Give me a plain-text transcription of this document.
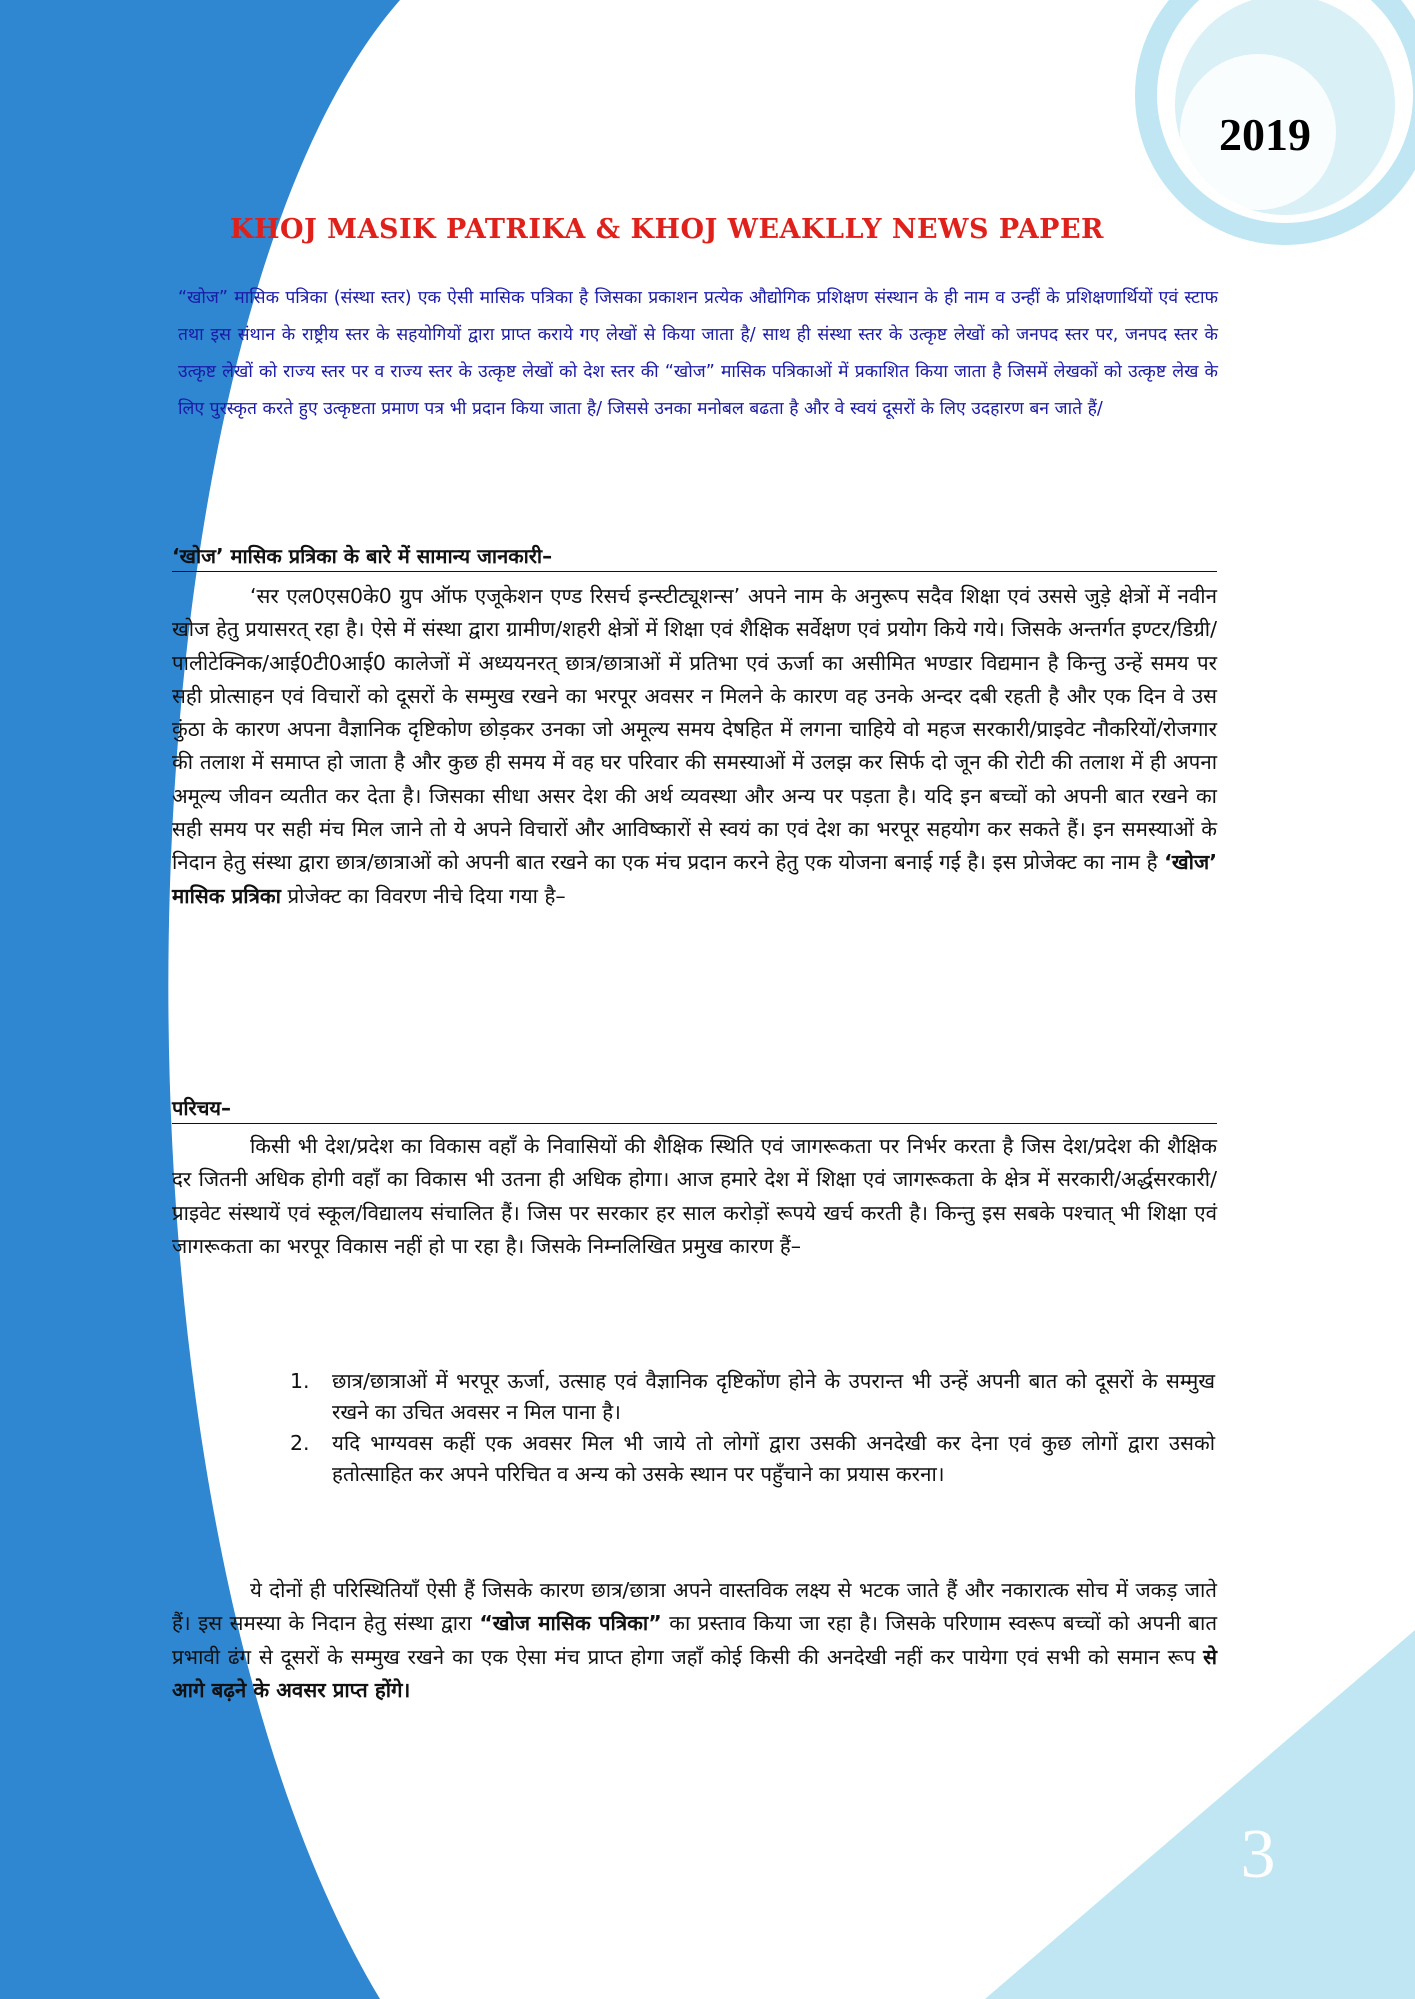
2019
KHOJ MASIK PATRIKA & KHOJ WEAKLLY NEWS PAPER
“खोज” मासिक पत्रिका (संस्था स्तर) एक ऐसी मासिक पत्रिका है जिसका प्रकाशन प्रत्येक औद्योगिक प्रशिक्षण संस्थान के ही नाम व उन्हीं के प्रशिक्षणार्थियों एवं स्टाफ तथा इस संथान के राष्ट्रीय स्तर के सहयोगियों द्वारा प्राप्त कराये गए लेखों से किया जाता है/ साथ ही संस्था स्तर के उत्कृष्ट लेखों को जनपद स्तर पर, जनपद स्तर के उत्कृष्ट लेखों को राज्य स्तर पर व राज्य स्तर के उत्कृष्ट लेखों को देश स्तर की “खोज” मासिक पत्रिकाओं में प्रकाशित किया जाता है जिसमें लेखकों को उत्कृष्ट लेख के लिए पुरस्कृत करते हुए उत्कृष्टता प्रमाण पत्र भी प्रदान किया जाता है/ जिससे उनका मनोबल बढता है और वे स्वयं दूसरों के लिए उदहारण बन जाते हैं/
‘खोज’ मासिक प्रत्रिका के बारे में सामान्य जानकारी–
‘सर एल0एस0के0 ग्रुप ऑफ एजूकेशन एण्ड रिसर्च इन्स्टीट्यूशन्स’ अपने नाम के अनुरूप सदैव शिक्षा एवं उससे जुड़े क्षेत्रों में नवीन खोज हेतु प्रयासरत् रहा है। ऐसे में संस्था द्वारा ग्रामीण/शहरी क्षेत्रों में शिक्षा एवं शैक्षिक सर्वेक्षण एवं प्रयोग किये गये। जिसके अन्तर्गत इण्टर/डिग्री/पालीटेक्निक/आई0टी0आई0 कालेजों में अध्ययनरत् छात्र/छात्राओं में प्रतिभा एवं ऊर्जा का असीमित भण्डार विद्यमान है किन्तु उन्हें समय पर सही प्रोत्साहन एवं विचारों को दूसरों के सम्मुख रखने का भरपूर अवसर न मिलने के कारण वह उनके अन्दर दबी रहती है और एक दिन वे उस कुंठा के कारण अपना वैज्ञानिक दृष्टिकोण छोड़कर उनका जो अमूल्य समय देषहित में लगना चाहिये वो महज सरकारी/प्राइवेट नौकरियों/रोजगार की तलाश में समाप्त हो जाता है और कुछ ही समय में वह घर परिवार की समस्याओं में उलझ कर सिर्फ दो जून की रोटी की तलाश में ही अपना अमूल्य जीवन व्यतीत कर देता है। जिसका सीधा असर देश की अर्थ व्यवस्था और अन्य पर पड़ता है। यदि इन बच्चों को अपनी बात रखने का सही समय पर सही मंच मिल जाने तो ये अपने विचारों और आविष्कारों से स्वयं का एवं देश का भरपूर सहयोग कर सकते हैं। इन समस्याओं के निदान हेतु संस्था द्वारा छात्र/छात्राओं को अपनी बात रखने का एक मंच प्रदान करने हेतु एक योजना बनाई गई है। इस प्रोजेक्ट का नाम है ‘खोज’ मासिक प्रत्रिका प्रोजेक्ट का विवरण नीचे दिया गया है–
परिचय–
किसी भी देश/प्रदेश का विकास वहाँ के निवासियों की शैक्षिक स्थिति एवं जागरूकता पर निर्भर करता है जिस देश/प्रदेश की शैक्षिक दर जितनी अधिक होगी वहाँ का विकास भी उतना ही अधिक होगा। आज हमारे देश में शिक्षा एवं जागरूकता के क्षेत्र में सरकारी/अर्द्धसरकारी/प्राइवेट संस्थायें एवं स्कूल/विद्यालय संचालित हैं। जिस पर सरकार हर साल करोड़ों रूपये खर्च करती है। किन्तु इस सबके पश्चात् भी शिक्षा एवं जागरूकता का भरपूर विकास नहीं हो पा रहा है। जिसके निम्नलिखित प्रमुख कारण हैं–
1. छात्र/छात्राओं में भरपूर ऊर्जा, उत्साह एवं वैज्ञानिक दृष्टिकोंण होने के उपरान्त भी उन्हें अपनी बात को दूसरों के सम्मुख रखने का उचित अवसर न मिल पाना है।
2. यदि भाग्यवस कहीं एक अवसर मिल भी जाये तो लोगों द्वारा उसकी अनदेखी कर देना एवं कुछ लोगों द्वारा उसको हतोत्साहित कर अपने परिचित व अन्य को उसके स्थान पर पहुँचाने का प्रयास करना।
ये दोनों ही परिस्थितियाँ ऐसी हैं जिसके कारण छात्र/छात्रा अपने वास्तविक लक्ष्य से भटक जाते हैं और नकारात्क सोच में जकड़ जाते हैं। इस समस्या के निदान हेतु संस्था द्वारा “खोज मासिक पत्रिका” का प्रस्ताव किया जा रहा है। जिसके परिणाम स्वरूप बच्चों को अपनी बात प्रभावी ढंग से दूसरों के सम्मुख रखने का एक ऐसा मंच प्राप्त होगा जहाँ कोई किसी की अनदेखी नहीं कर पायेगा एवं सभी को समान रूप से आगे बढ़ने के अवसर प्राप्त होंगे।
3
